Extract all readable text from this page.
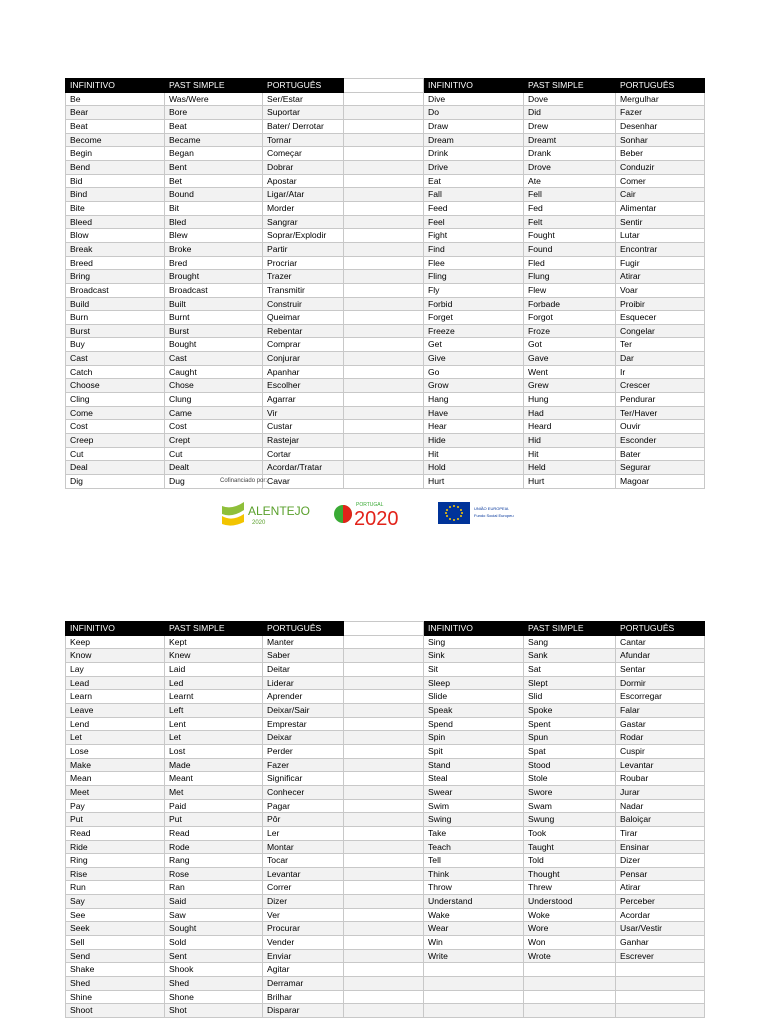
INFINITIVO	PAST SIMPLE	PORTUGUÊS		INFINITIVO	PAST SIMPLE	PORTUGUÊS
Be	Was/Were	Ser/Estar		Dive	Dove	Mergulhar
Bear	Bore	Suportar		Do	Did	Fazer
Beat	Beat	Bater/ Derrotar		Draw	Drew	Desenhar
Become	Became	Tornar		Dream	Dreamt	Sonhar
Begin	Began	Começar		Drink	Drank	Beber
Bend	Bent	Dobrar		Drive	Drove	Conduzir
Bid	Bet	Apostar		Eat	Ate	Comer
Bind	Bound	Ligar/Atar		Fall	Fell	Cair
Bite	Bit	Morder		Feed	Fed	Alimentar
Bleed	Bled	Sangrar		Feel	Felt	Sentir
Blow	Blew	Soprar/Explodir		Fight	Fought	Lutar
Break	Broke	Partir		Find	Found	Encontrar
Breed	Bred	Procriar		Flee	Fled	Fugir
Bring	Brought	Trazer		Fling	Flung	Atirar
Broadcast	Broadcast	Transmitir		Fly	Flew	Voar
Build	Built	Construir		Forbid	Forbade	Proibir
Burn	Burnt	Queimar		Forget	Forgot	Esquecer
Burst	Burst	Rebentar		Freeze	Froze	Congelar
Buy	Bought	Comprar		Get	Got	Ter
Cast	Cast	Conjurar		Give	Gave	Dar
Catch	Caught	Apanhar		Go	Went	Ir
Choose	Chose	Escolher		Grow	Grew	Crescer
Cling	Clung	Agarrar		Hang	Hung	Pendurar
Come	Came	Vir		Have	Had	Ter/Haver
Cost	Cost	Custar		Hear	Heard	Ouvir
Creep	Crept	Rastejar		Hide	Hid	Esconder
Cut	Cut	Cortar		Hit	Hit	Bater
Deal	Dealt	Acordar/Tratar		Hold	Held	Segurar
Dig	Dug	Cavar		Hurt	Hurt	Magoar
Cofinanciado por:
ALENTEJO
2020
PORTUGAL
2020	UNIÃO EUROPEIA
Fundo Social Europeu
INFINITIVO	PAST SIMPLE	PORTUGUÊS		INFINITIVO	PAST SIMPLE	PORTUGUÊS
Keep	Kept	Manter		Sing	Sang	Cantar
Know	Knew	Saber		Sink	Sank	Afundar
Lay	Laid	Deitar		Sit	Sat	Sentar
Lead	Led	Liderar		Sleep	Slept	Dormir
Learn	Learnt	Aprender		Slide	Slid	Escorregar
Leave	Left	Deixar/Sair		Speak	Spoke	Falar
Lend	Lent	Emprestar		Spend	Spent	Gastar
Let	Let	Deixar		Spin	Spun	Rodar
Lose	Lost	Perder		Spit	Spat	Cuspir
Make	Made	Fazer		Stand	Stood	Levantar
Mean	Meant	Significar		Steal	Stole	Roubar
Meet	Met	Conhecer		Swear	Swore	Jurar
Pay	Paid	Pagar		Swim	Swam	Nadar
Put	Put	Pôr		Swing	Swung	Baloiçar
Read	Read	Ler		Take	Took	Tirar
Ride	Rode	Montar		Teach	Taught	Ensinar
Ring	Rang	Tocar		Tell	Told	Dizer
Rise	Rose	Levantar		Think	Thought	Pensar
Run	Ran	Correr		Throw	Threw	Atirar
Say	Said	Dizer		Understand	Understood	Perceber
See	Saw	Ver		Wake	Woke	Acordar
Seek	Sought	Procurar		Wear	Wore	Usar/Vestir
Sell	Sold	Vender		Win	Won	Ganhar
Send	Sent	Enviar		Write	Wrote	Escrever
Shake	Shook	Agitar				
Shed	Shed	Derramar				
Shine	Shone	Brilhar				
Shoot	Shot	Disparar				
